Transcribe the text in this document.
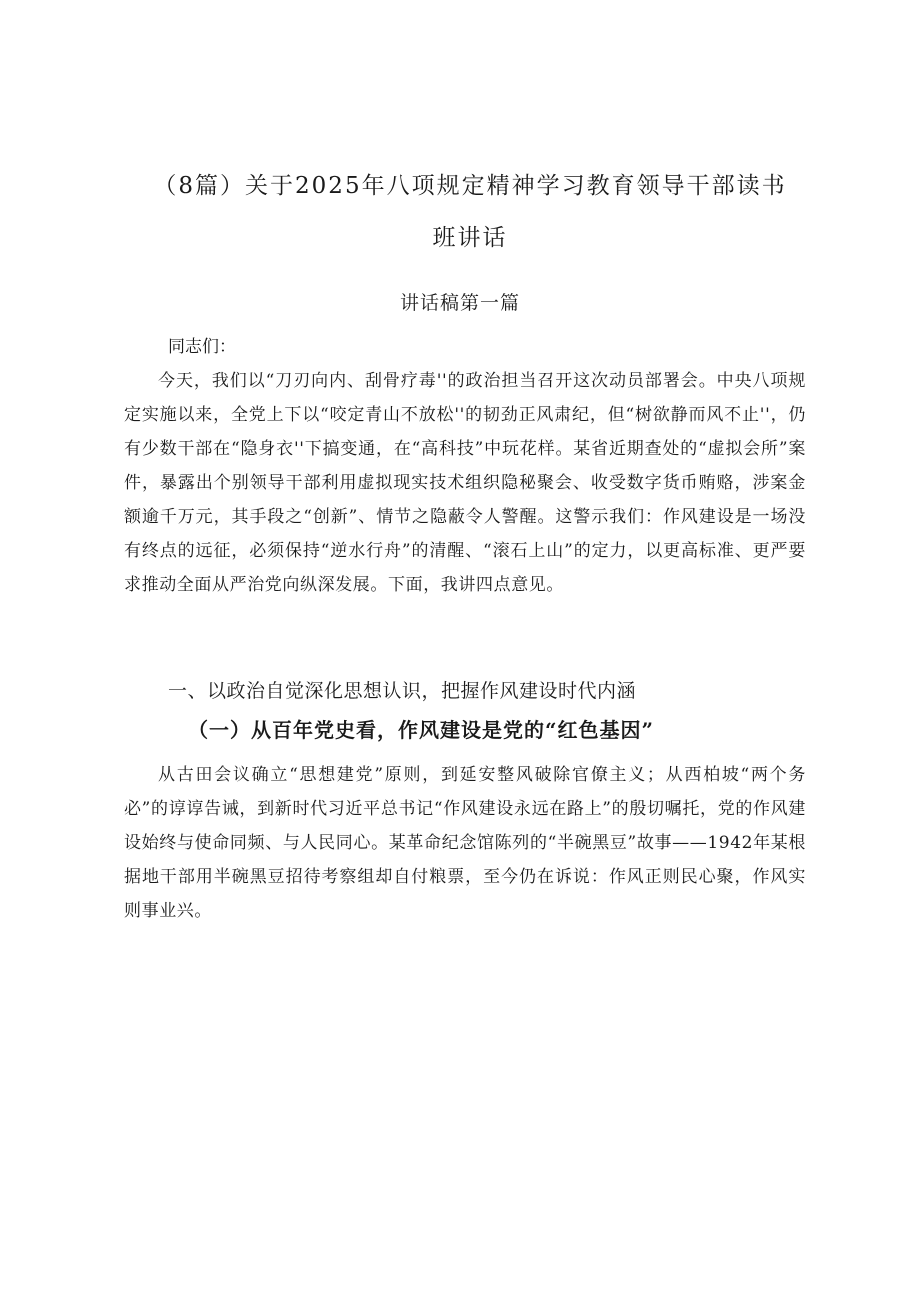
（8篇）关于2025年八项规定精神学习教育领导干部读书班讲话
讲话稿第一篇

同志们：

今天，我们以“刀刃向内、刮骨疗毒''的政治担当召开这次动员部署会。中央八项规定实施以来，全党上下以“咬定青山不放松''的韧劲正风肃纪，但“树欲静而风不止''，仍有少数干部在“隐身衣''下搞变通，在“高科技”中玩花样。某省近期查处的“虚拟会所”案件，暴露出个别领导干部利用虚拟现实技术组织隐秘聚会、收受数字货币贿赂，涉案金额逾千万元，其手段之“创新”、情节之隐蔽令人警醒。这警示我们：作风建设是一场没有终点的远征，必须保持“逆水行舟”的清醒、“滚石上山”的定力，以更高标准、更严要求推动全面从严治党向纵深发展。下面，我讲四点意见。

一、以政治自觉深化思想认识，把握作风建设时代内涵
（一）从百年党史看，作风建设是党的“红色基因”

从古田会议确立“思想建党”原则，到延安整风破除官僚主义；从西柏坡“两个务必”的谆谆告诫，到新时代习近平总书记“作风建设永远在路上”的殷切嘱托，党的作风建设始终与使命同频、与人民同心。某革命纪念馆陈列的“半碗黑豆”故事——1942年某根据地干部用半碗黑豆招待考察组却自付粮票，至今仍在诉说：作风正则民心聚，作风实则事业兴。
